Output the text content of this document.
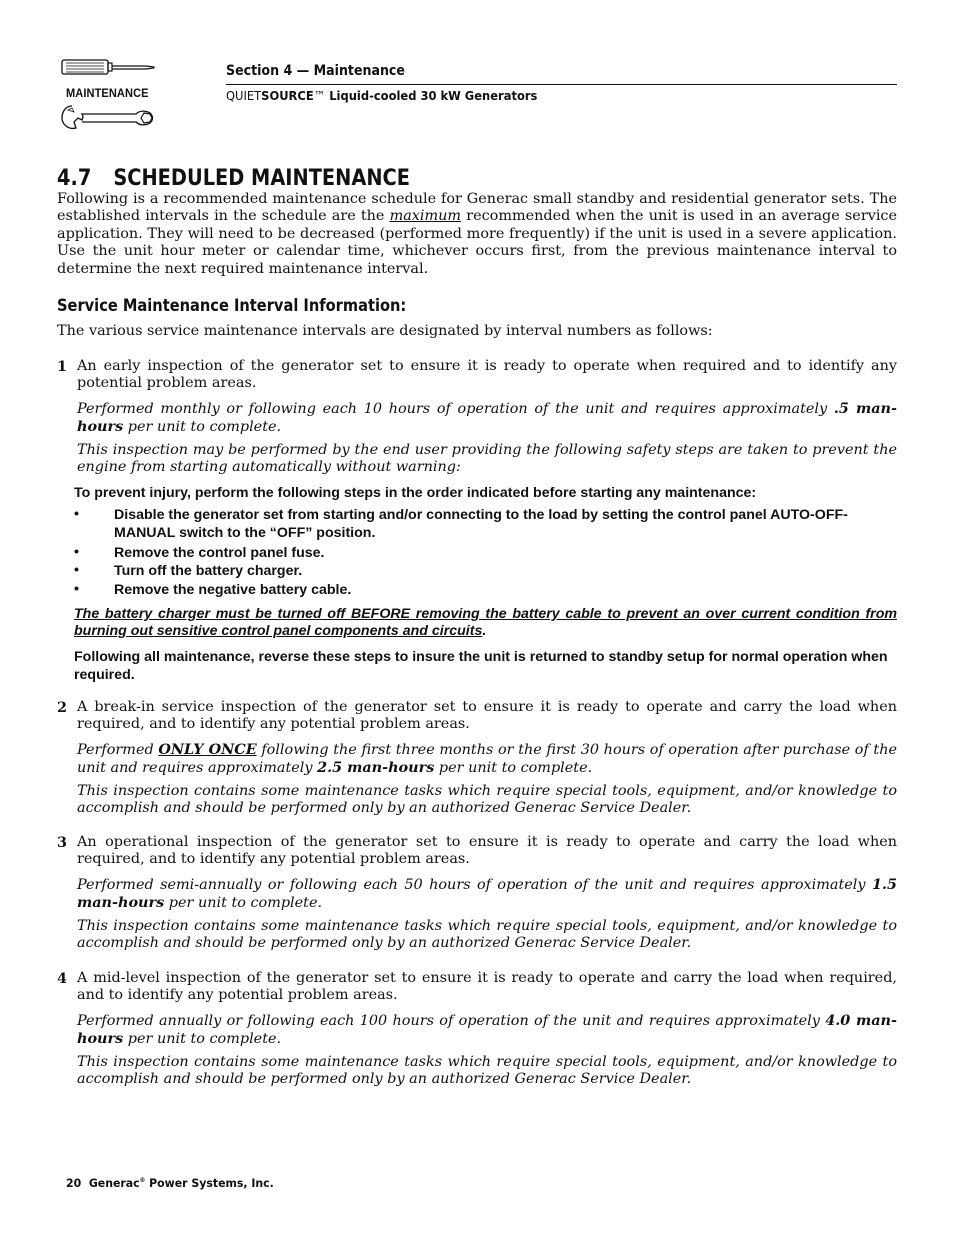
MAINTENANCE
Section 4 — Maintenance
QUIETSOURCE™ Liquid-cooled 30 kW Generators
4.7 SCHEDULED MAINTENANCE
Following is a recommended maintenance schedule for Generac small standby and residential generator sets. The established intervals in the schedule are the maximum recommended when the unit is used in an average service application. They will need to be decreased (performed more frequently) if the unit is used in a severe application. Use the unit hour meter or calendar time, whichever occurs first, from the previous maintenance interval to determine the next required maintenance interval.
Service Maintenance Interval Information:
The various service maintenance intervals are designated by interval numbers as follows:
1 An early inspection of the generator set to ensure it is ready to operate when required and to identify any potential problem areas.
Performed monthly or following each 10 hours of operation of the unit and requires approximately .5 man-hours per unit to complete.
This inspection may be performed by the end user providing the following safety steps are taken to prevent the engine from starting automatically without warning:
To prevent injury, perform the following steps in the order indicated before starting any maintenance:
• Disable the generator set from starting and/or connecting to the load by setting the control panel AUTO-OFF-MANUAL switch to the “OFF” position.
• Remove the control panel fuse.
• Turn off the battery charger.
• Remove the negative battery cable.
The battery charger must be turned off BEFORE removing the battery cable to prevent an over current condition from burning out sensitive control panel components and circuits.
Following all maintenance, reverse these steps to insure the unit is returned to standby setup for normal operation when required.
2 A break-in service inspection of the generator set to ensure it is ready to operate and carry the load when required, and to identify any potential problem areas.
Performed ONLY ONCE following the first three months or the first 30 hours of operation after purchase of the unit and requires approximately 2.5 man-hours per unit to complete.
This inspection contains some maintenance tasks which require special tools, equipment, and/or knowledge to accomplish and should be performed only by an authorized Generac Service Dealer.
3 An operational inspection of the generator set to ensure it is ready to operate and carry the load when required, and to identify any potential problem areas.
Performed semi-annually or following each 50 hours of operation of the unit and requires approximately 1.5 man-hours per unit to complete.
This inspection contains some maintenance tasks which require special tools, equipment, and/or knowledge to accomplish and should be performed only by an authorized Generac Service Dealer.
4 A mid-level inspection of the generator set to ensure it is ready to operate and carry the load when required, and to identify any potential problem areas.
Performed annually or following each 100 hours of operation of the unit and requires approximately 4.0 man-hours per unit to complete.
This inspection contains some maintenance tasks which require special tools, equipment, and/or knowledge to accomplish and should be performed only by an authorized Generac Service Dealer.
20 Generac® Power Systems, Inc.
